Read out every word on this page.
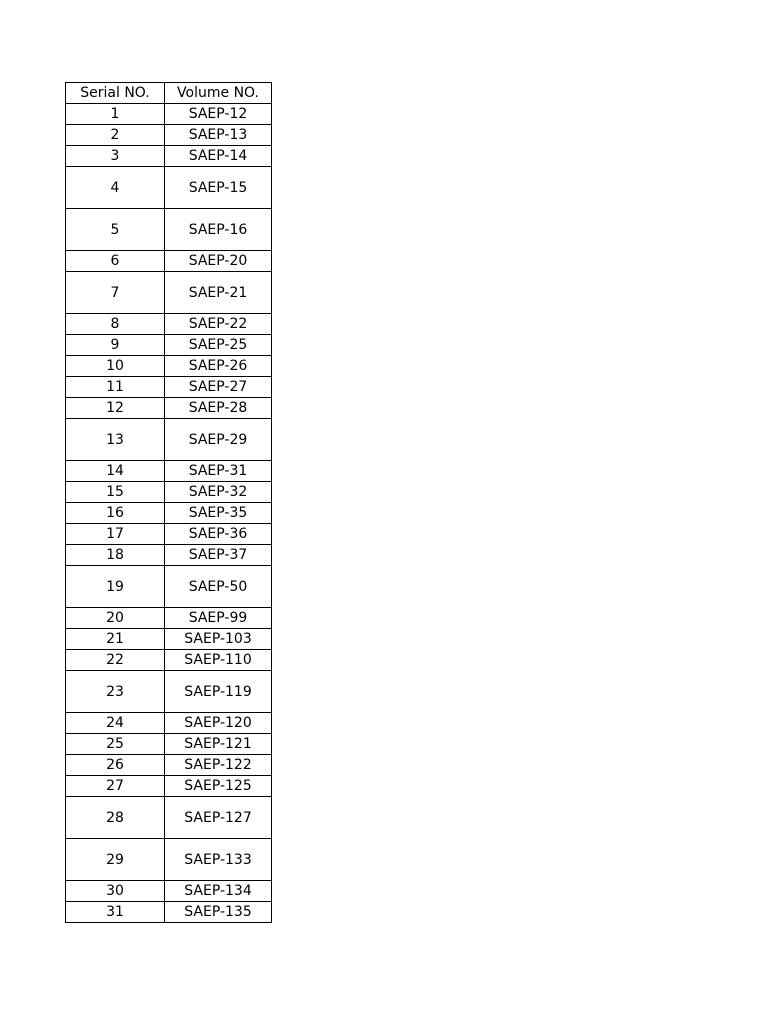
Serial NO.	Volume NO.
1	SAEP-12
2	SAEP-13
3	SAEP-14
4	SAEP-15
5	SAEP-16
6	SAEP-20
7	SAEP-21
8	SAEP-22
9	SAEP-25
10	SAEP-26
11	SAEP-27
12	SAEP-28
13	SAEP-29
14	SAEP-31
15	SAEP-32
16	SAEP-35
17	SAEP-36
18	SAEP-37
19	SAEP-50
20	SAEP-99
21	SAEP-103
22	SAEP-110
23	SAEP-119
24	SAEP-120
25	SAEP-121
26	SAEP-122
27	SAEP-125
28	SAEP-127
29	SAEP-133
30	SAEP-134
31	SAEP-135
